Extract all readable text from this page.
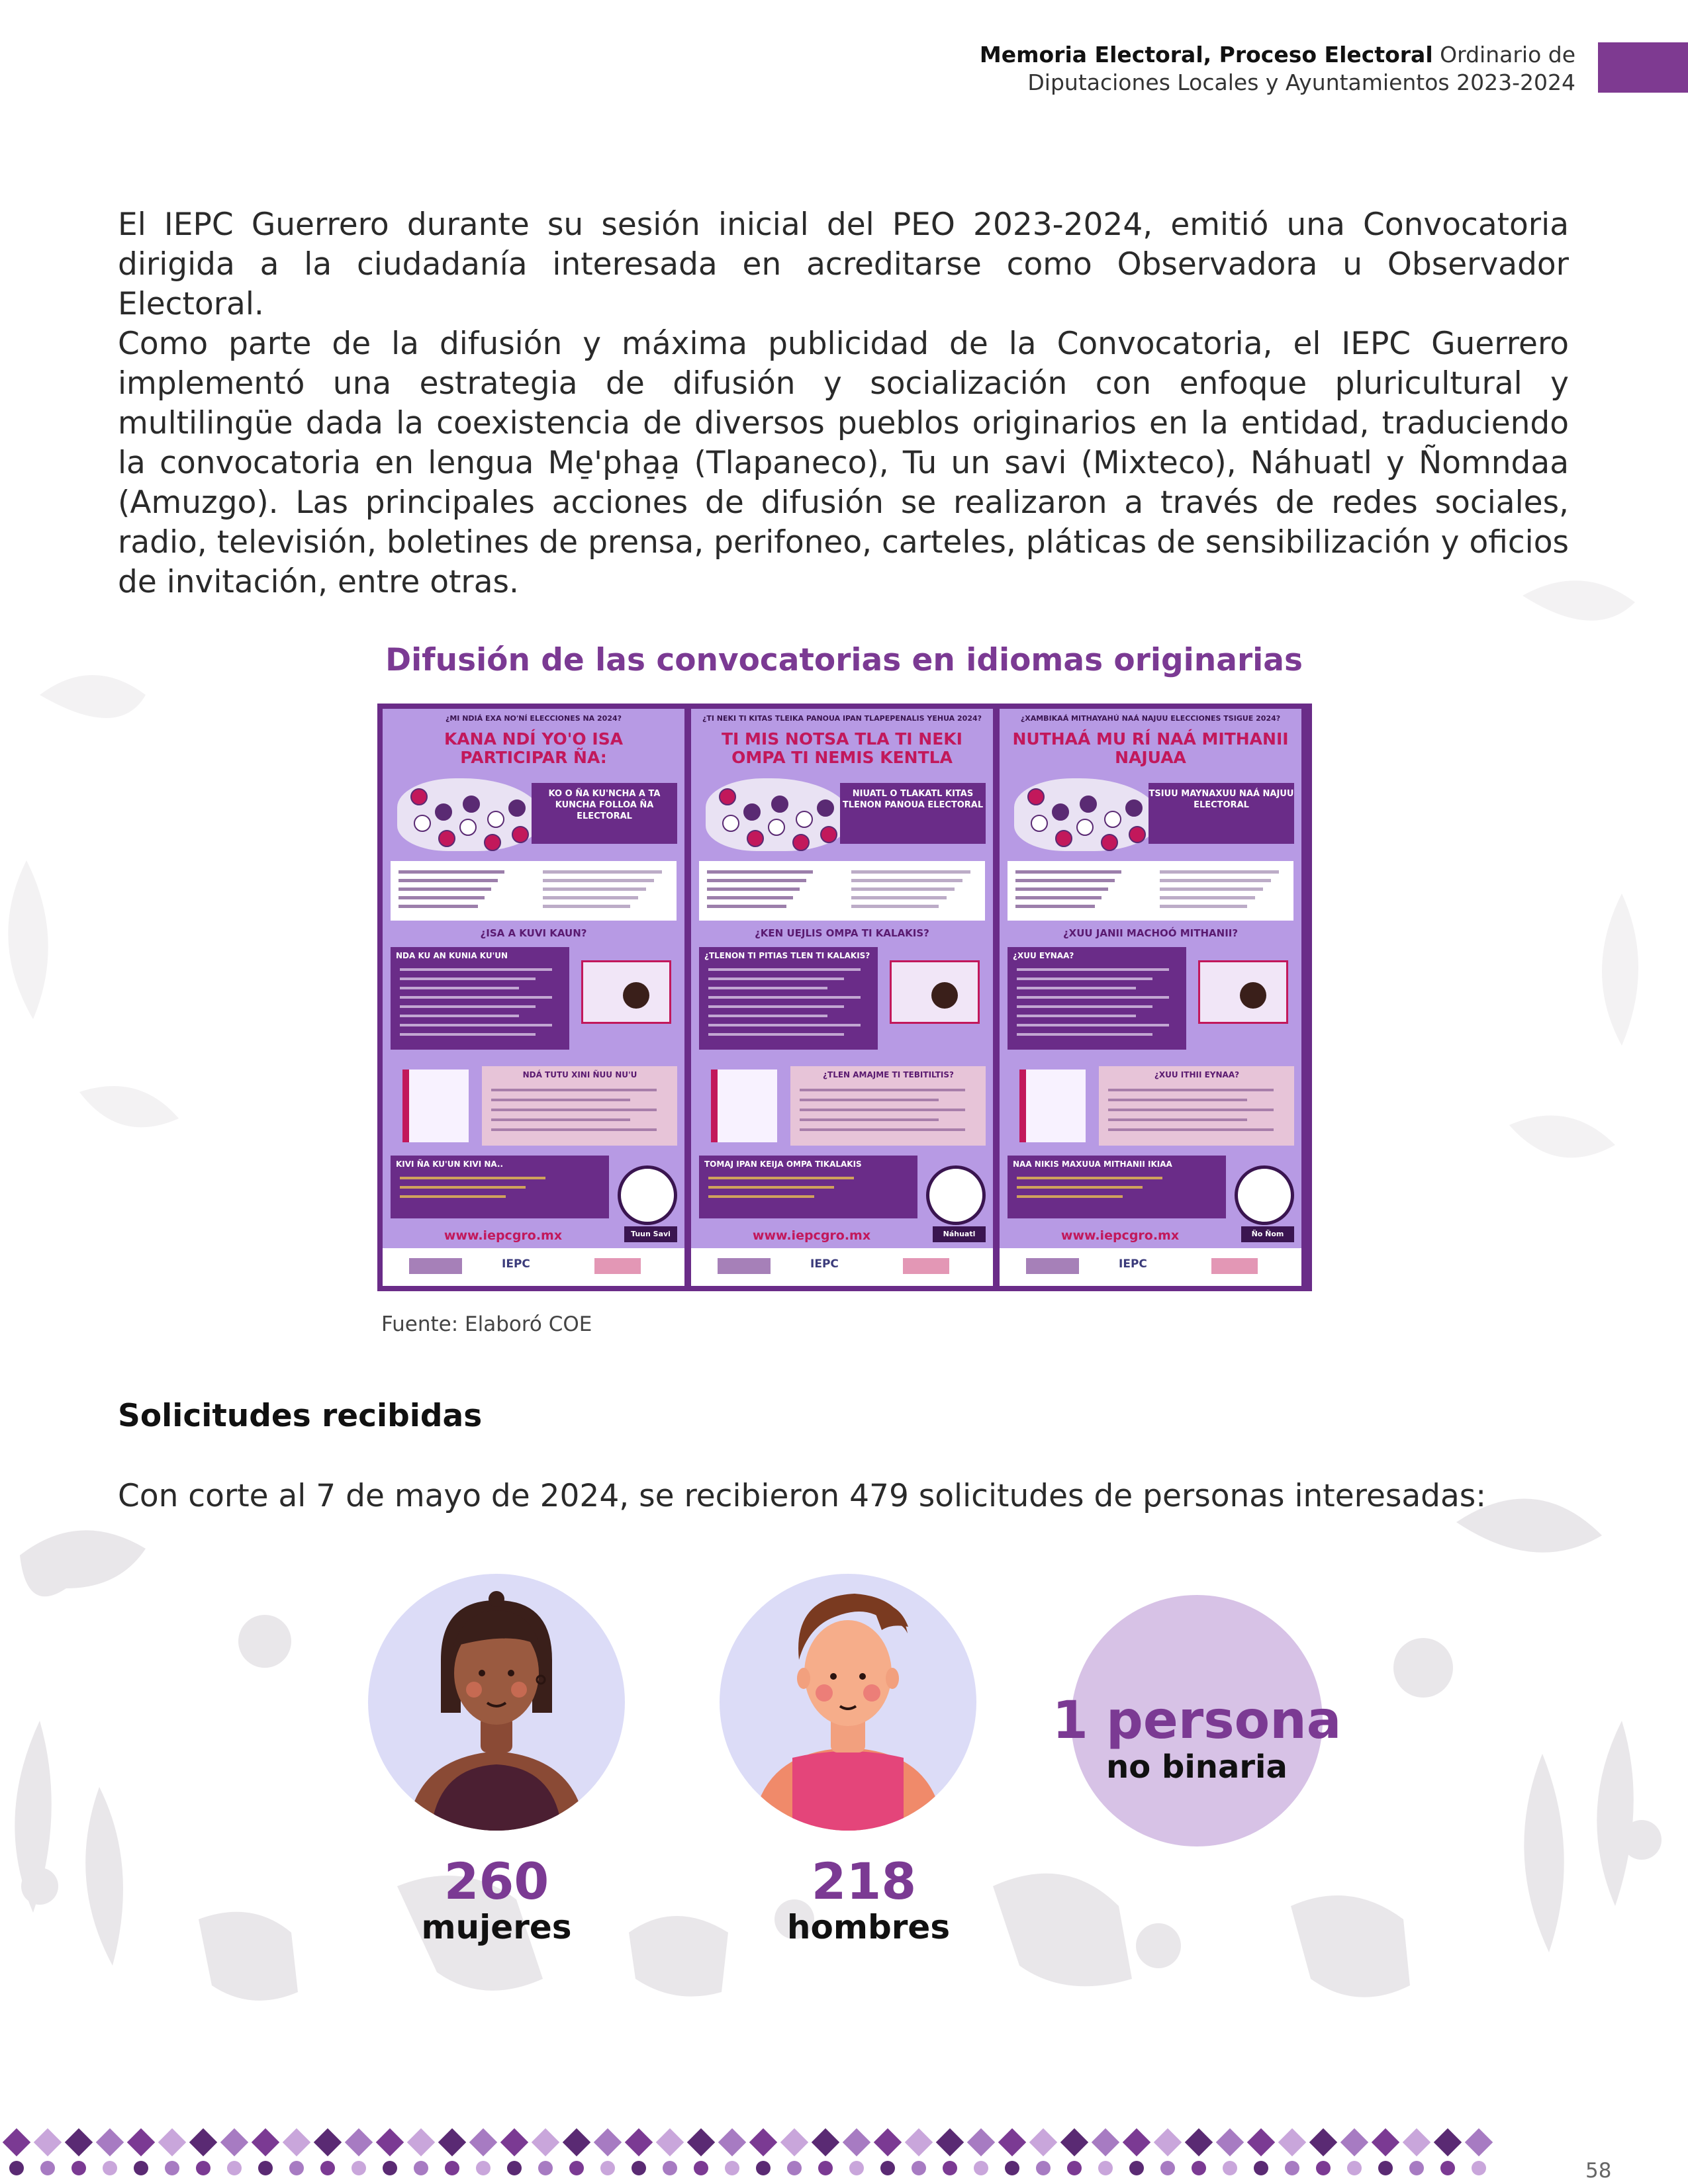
Memoria Electoral, Proceso Electoral Ordinario de
Diputaciones Locales y Ayuntamientos 2023-2024
El IEPC Guerrero durante su sesión inicial del PEO 2023-2024, emitió una Convocatoria dirigida a la ciudadanía interesada en acreditarse como Observadora u Observador Electoral.
Como parte de la difusión y máxima publicidad de la Convocatoria, el IEPC Guerrero implementó una estrategia de difusión y socialización con enfoque pluricultural y multilingüe dada la coexistencia de diversos pueblos originarios en la entidad, traduciendo la convocatoria en lengua Me̠ꞌpha̠a̠ (Tlapaneco), Tu un savi (Mixteco), Náhuatl y Ñomndaa (Amuzgo). Las principales acciones de difusión se realizaron a través de redes sociales, radio, televisión, boletines de prensa, perifoneo, carteles, pláticas de sensibilización y oficios de invitación, entre otras.
Difusión de las convocatorias en idiomas originarias
¿MI NDIÁ EXA NO'NÍ ELECCIONES NA 2024?
KANA NDÍ YO'O ISA PARTICIPAR ÑA:
KO O ÑA KU'NCHA A TA KUNCHA FOLLOA ÑA ELECTORAL
¿ISA A KUVI KAUN?
NDA KU AN KUNIA KU'UN
NDÁ TUTU XINI ÑUU NU'U
KIVI ÑA KU'UN KIVI NA..
www.iepcgro.mx	Tuun Savi
IEPC
¿TI NEKI TI KITAS TLEIKA PANOUA IPAN TLAPEPENALIS YEHUA 2024?
TI MIS NOTSA TLA TI NEKI OMPA TI NEMIS KENTLA
NIUATL O TLAKATL KITAS TLENON PANOUA ELECTORAL
¿KEN UEJLIS OMPA TI KALAKIS?
¿TLENON TI PITIAS TLEN TI KALAKIS?
¿TLEN AMAJME TI TEBITILTIS?
TOMAJ IPAN KEIJA OMPA TIKALAKIS
www.iepcgro.mx	Náhuatl
IEPC
¿XAMBIKAÁ MITHAYAHÚ NAÁ NAJUU ELECCIONES TSIGUE 2024?
NUTHAÁ MU RÍ NAÁ MITHANII NAJUAA
TSIUU MAYNAXUU NAÁ NAJUU ELECTORAL
¿XUU JANII MACHOÓ MITHANII?
¿XUU EYNAA?
¿XUU ITHII EYNAA?
NAA NIKIS MAXUUA MITHANII IKIAA
www.iepcgro.mx	Ño Ñom
IEPC
Fuente: Elaboró COE
Solicitudes recibidas
Con corte al 7 de mayo de 2024, se recibieron 479 solicitudes de personas interesadas:
260
mujeres
218
hombres
1 persona
no binaria
58
